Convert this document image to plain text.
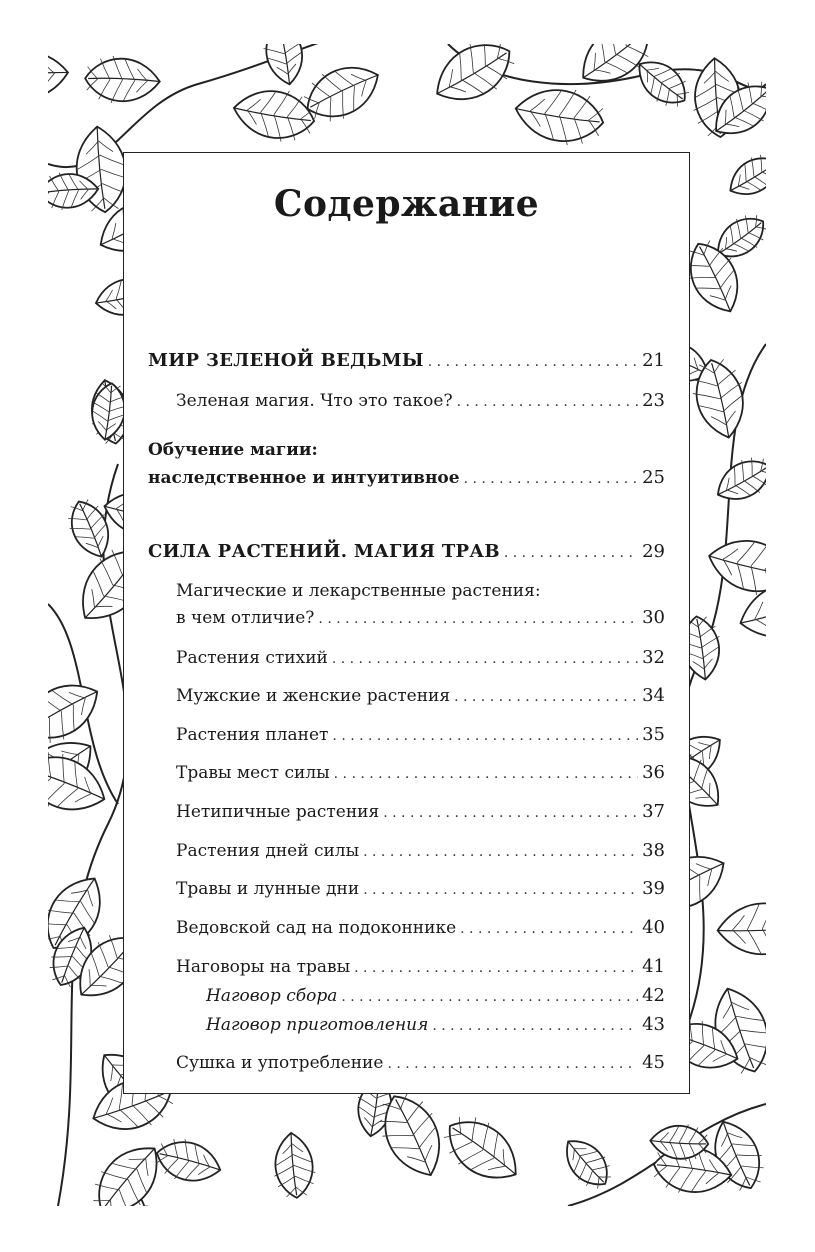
Содержание
МИР ЗЕЛЕНОЙ ВЕДЬМЫ . . .	21
Зеленая магия. Что это такое? . . .	23
Обучение магии:
наследственное и интуитивное . . .	25
СИЛА РАСТЕНИЙ. МАГИЯ ТРАВ . . .	29
Магические и лекарственные растения:
в чем отличие? . . .	30
Растения стихий . . .	32
Мужские и женские растения . . .	34
Растения планет . . .	35
Травы мест силы . . .	36
Нетипичные растения . . .	37
Растения дней силы . . .	38
Травы и лунные дни . . .	39
Ведовской сад на подоконнике . . .	40
Наговоры на травы . . .	41
Наговор сбора . . .	42
Наговор приготовления . . .	43
Сушка и употребление . . .	45
